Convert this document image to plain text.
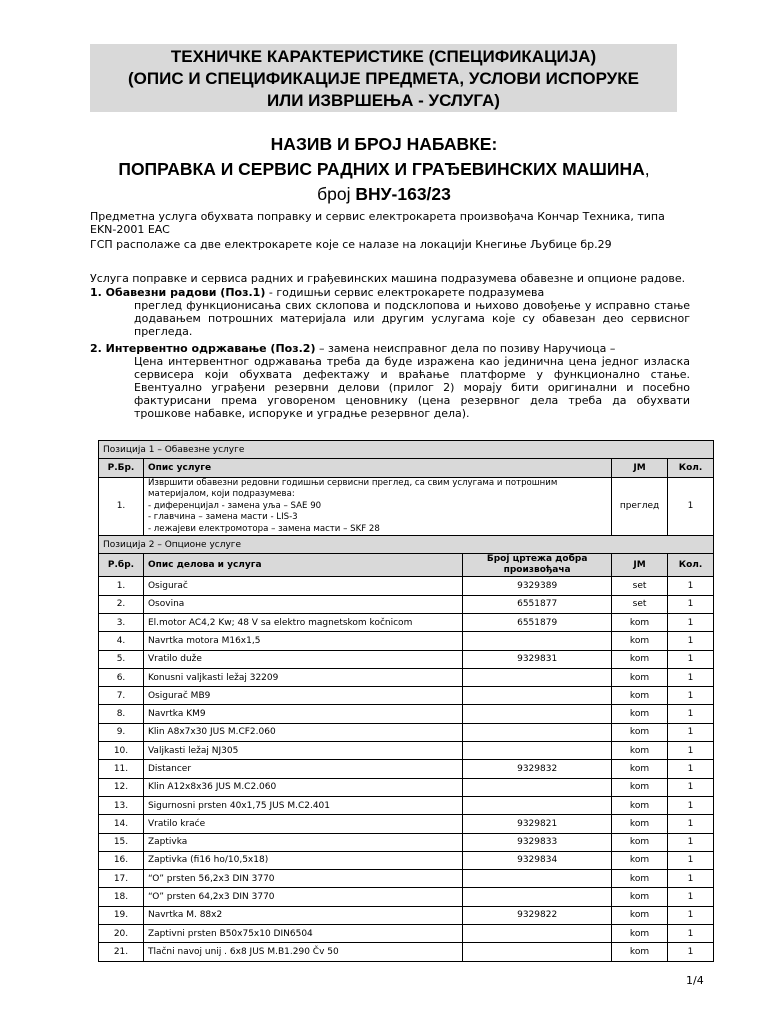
ТЕХНИЧКЕ КАРАКТЕРИСТИКЕ (СПЕЦИФИКАЦИЈА)
(ОПИС И СПЕЦИФИКАЦИЈЕ ПРЕДМЕТА, УСЛОВИ ИСПОРУКЕ
ИЛИ ИЗВРШЕЊА - УСЛУГА)
НАЗИВ И БРОЈ НАБАВКЕ:
ПОПРАВКА И СЕРВИС РАДНИХ И ГРАЂЕВИНСКИХ МАШИНА,
број ВНУ-163/23
Предметна услуга обухвата поправку и сервис електрокарета произвођача Кончар Техника, типа EKN-2001 EAC
ГСП располаже са две електрокарете које се налазе на локацији Кнегиње Љубице бр.29
Услуга поправке и сервиса радних и грађевинских машина подразумева обавезне и опционе радове.
1. Обавезни радови (Поз.1) - годишњи сервис електрокарете подразумева
преглед функционисања свих склопова и подсклопова и њихово довођење у исправно стање додавањем потрошних материјала или другим услугама које су обавезан део сервисног прегледа.
2. Интервентно одржавање (Поз.2) – замена неисправног дела по позиву Наручиоца –
Цена интервентног одржавања треба да буде изражена као јединична цена једног изласка сервисера који обухвата дефектажу и враћање платформе у функционално стање. Евентуално уграђени резервни делови (прилог 2) морају бити оригинални и посебно фактурисани према уговореном ценовнику (цена резервног дела треба да обухвати трошкове набавке, испоруке и уградње резервног дела).
Позиција 1 – Обавезне услуге				
Р.Бр.	Опис услуге		ЈМ	Кол.
1.	Извршити обавезни редовни годишњи сервисни преглед, са свим услугама и потрошним
материјалом, који подразумева:
- диференцијал - замена уља – SAE 90
- главчина – замена масти - LIS-3
- лежајеви електромотора – замена масти – SKF 28		преглед	1
Позиција 2 – Опционе услуге				
Р.бр.	Опис делова и услуга	Број цртежа добра
произвођача	ЈМ	Кол.
1.	Osigurač	9329389	set	1
2.	Osovina	6551877	set	1
3.	El.motor AC4,2 Kw; 48 V sa elektro magnetskom kočnicom	6551879	kom	1
4.	Navrtka motora M16x1,5		kom	1
5.	Vratilo duže	9329831	kom	1
6.	Konusni valjkasti ležaj 32209		kom	1
7.	Osigurač MB9		kom	1
8.	Navrtka KM9		kom	1
9.	Klin A8x7x30 JUS M.CF2.060		kom	1
10.	Valjkasti ležaj NJ305		kom	1
11.	Distancer	9329832	kom	1
12.	Klin A12x8x36 JUS M.C2.060		kom	1
13.	Sigurnosni prsten 40x1,75 JUS M.C2.401		kom	1
14.	Vratilo kraće	9329821	kom	1
15.	Zaptivka	9329833	kom	1
16.	Zaptivka (fi16 ho/10,5x18)	9329834	kom	1
17.	“O” prsten 56,2x3 DIN 3770		kom	1
18.	“O” prsten 64,2x3 DIN 3770		kom	1
19.	Navrtka M. 88x2	9329822	kom	1
20.	Zaptivni prsten B50x75x10 DIN6504		kom	1
21.	Tlačni navoj unij . 6x8 JUS M.B1.290 Čv 50		kom	1
1/4
